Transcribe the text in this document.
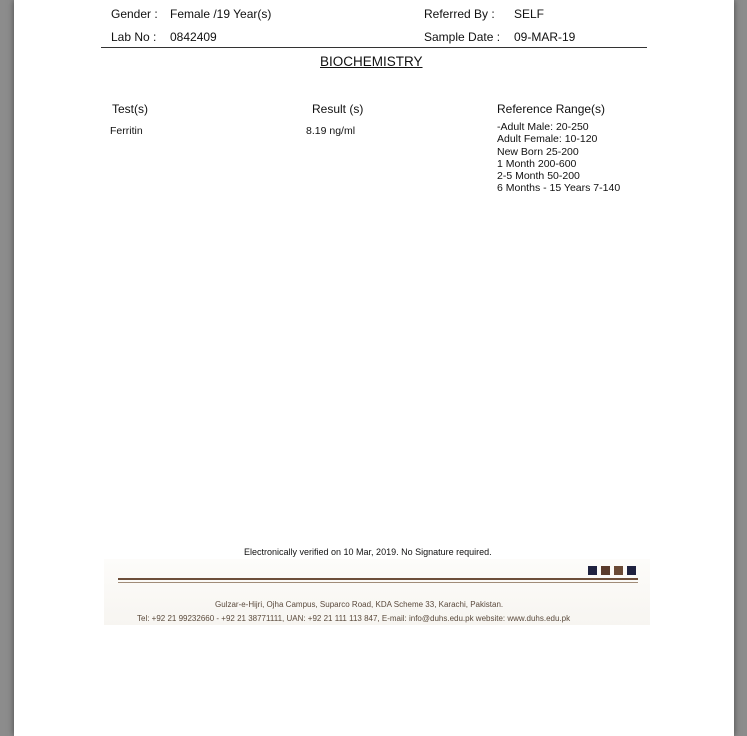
Gender : Female /19 Year(s)	Referred By : SELF
Lab No : 0842409	Sample Date : 09-MAR-19
BIOCHEMISTRY
Test(s)	Result (s)	Reference Range(s)
Ferritin	8.19 ng/ml	-Adult Male: 20-250
Adult Female: 10-120
New Born 25-200
1 Month 200-600
2-5 Month 50-200
6 Months - 15 Years 7-140
Electronically verified on 10 Mar, 2019. No Signature required.
Gulzar-e-Hijri, Ojha Campus, Suparco Road, KDA Scheme 33, Karachi, Pakistan.
Tel: +92 21 99232660 - +92 21 38771111, UAN: +92 21 111 113 847, E-mail: info@duhs.edu.pk website: www.duhs.edu.pk
